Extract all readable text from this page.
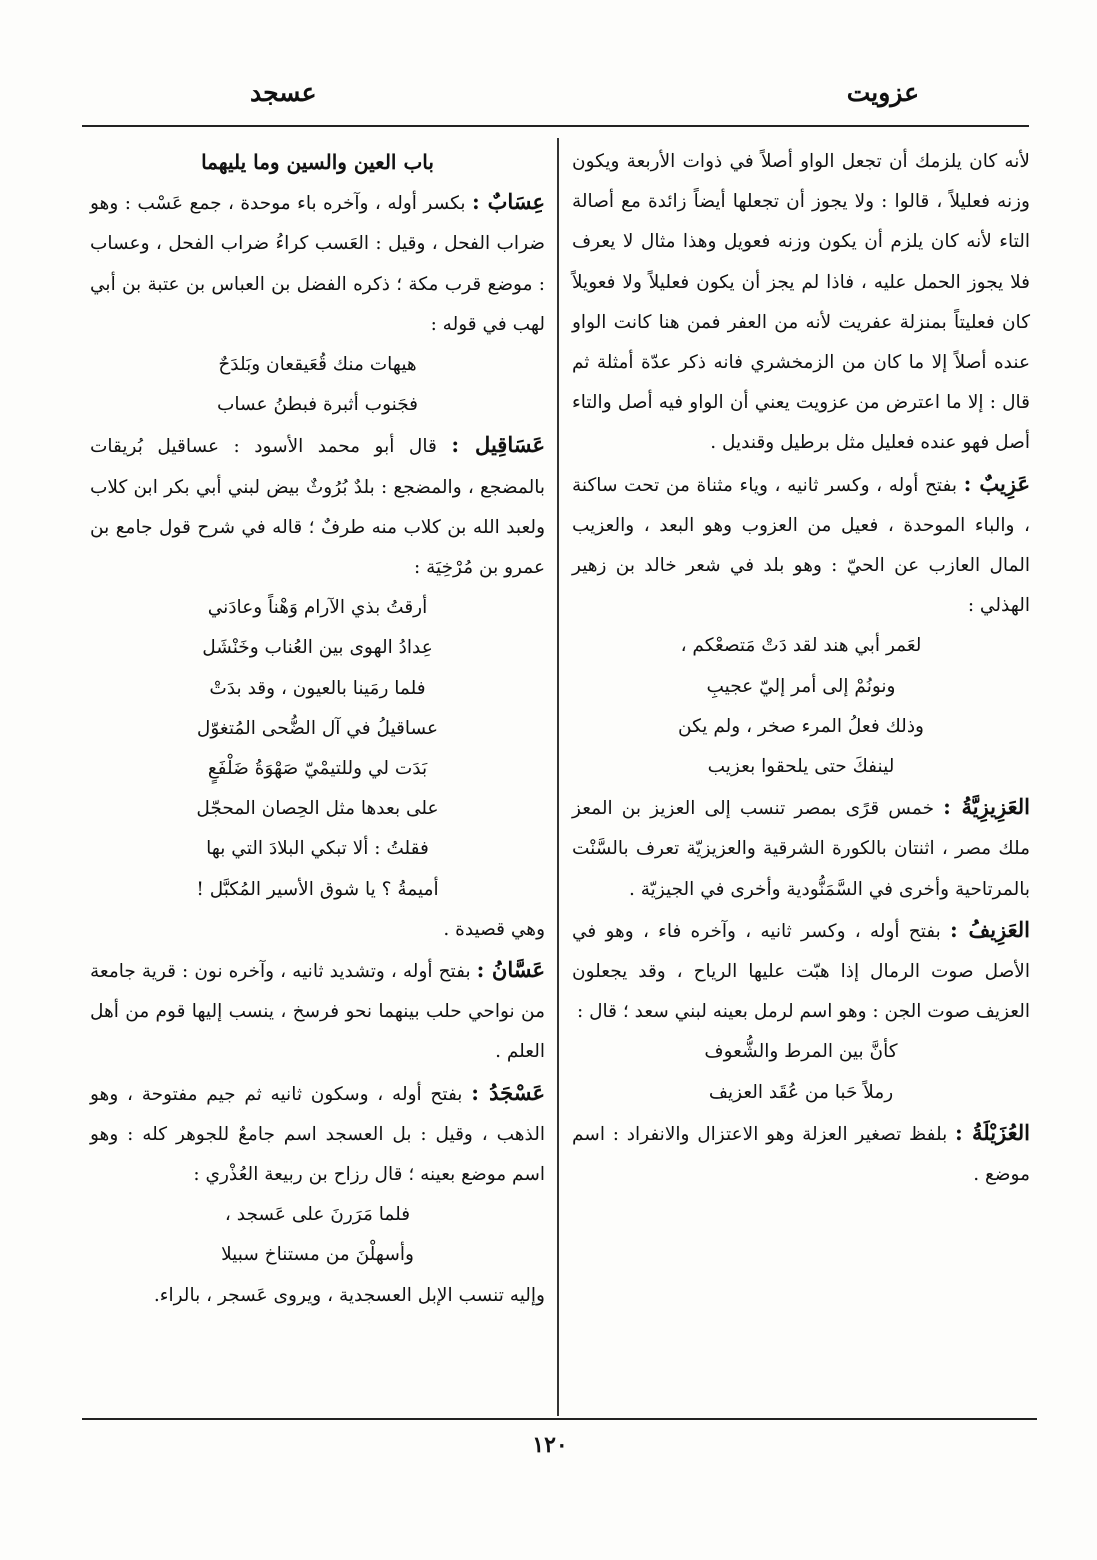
عزويت
عسجد

لأنه كان يلزمك أن تجعل الواو أصلاً في ذوات الأربعة ويكون وزنه فعليلاً ، قالوا : ولا يجوز أن تجعلها أيضاً زائدة مع أصالة التاء لأنه كان يلزم أن يكون وزنه فعويل وهذا مثال لا يعرف فلا يجوز الحمل عليه ، فاذا لم يجز أن يكون فعليلاً ولا فعويلاً كان فعليتاً بمنزلة عفريت لأنه من العفر فمن هنا كانت الواو عنده أصلاً إلا ما كان من الزمخشري فانه ذكر عدّة أمثلة ثم قال : إلا ما اعترض من عزويت يعني أن الواو فيه أصل والتاء أصل فهو عنده فعليل مثل برطيل وقنديل .

عَزِيبٌ : بفتح أوله ، وكسر ثانيه ، وياء مثناة من تحت ساكنة ، والباء الموحدة ، فعيل من العزوب وهو البعد ، والعزيب المال العازب عن الحيّ : وهو بلد في شعر خالد بن زهير الهذلي :

لعَمر أبي هند لقد دَتْ مَتصعْكم ،

ونونُمْ إلى أمر إليّ عجيبِ

وذلك فعلُ المرء صخر ، ولم يكن

لينفكَ حتى يلحقوا بعزيب

العَزِيزِيَّةُ : خمس قرًى بمصر تنسب إلى العزيز بن المعز ملك مصر ، اثنتان بالكورة الشرقية والعزيزيّة تعرف بالسَّنْت بالمرتاحية وأخرى في السَّمَنُّودية وأخرى في الجيزيّة .

العَزِيفُ : بفتح أوله ، وكسر ثانيه ، وآخره فاء ، وهو في الأصل صوت الرمال إذا هبّت عليها الرياح ، وقد يجعلون العزيف صوت الجن : وهو اسم لرمل بعينه لبني سعد ؛ قال :

كأنَّ بين المرط والشُّعوف

رملاً حَبا من عُقَد العزيف

العُزَيْلَةُ : بلفظ تصغير العزلة وهو الاعتزال والانفراد : اسم موضع .

باب العين والسين وما يليهما

عِسَابٌ : بكسر أوله ، وآخره باء موحدة ، جمع عَسْب : وهو ضراب الفحل ، وقيل : العَسب كراءُ ضراب الفحل ، وعساب : موضع قرب مكة ؛ ذكره الفضل بن العباس بن عتبة بن أبي لهب في قوله :

هيهات منك قُعَيقعان وبَلدَحٌ

فجَنوب أثبرة فبطنُ عساب

عَسَاقِيل : قال أبو محمد الأسود : عساقيل بُريقات بالمضجع ، والمضجع : بلدٌ بُرُوثٌ بيض لبني أبي بكر ابن كلاب ولعبد الله بن كلاب منه طرفٌ ؛ قاله في شرح قول جامع بن عمرو بن مُرْخِيَة :

أرقتُ بذي الآرام وَهْناً وعادَني

عِدادُ الهوى بين العُناب وخَنْشَل

فلما رمَينا بالعيون ، وقد بدَتْ

عساقيلُ في آل الضُّحى المُتغوّل

بَدَت لي وللتيمْيّ صَهْوَةُ ضَلْفَعٍ

على بعدها مثل الحِصان المحجّل

فقلتُ : ألا تبكي البلادَ التي بها

أميمةُ ؟ يا شوق الأسير المُكبَّل !

وهي قصيدة .

عَسَّانُ : بفتح أوله ، وتشديد ثانيه ، وآخره نون : قرية جامعة من نواحي حلب بينهما نحو فرسخ ، ينسب إليها قوم من أهل العلم .

عَسْجَدُ : بفتح أوله ، وسكون ثانيه ثم جيم مفتوحة ، وهو الذهب ، وقيل : بل العسجد اسم جامعٌ للجوهر كله : وهو اسم موضع بعينه ؛ قال رزاح بن ربيعة العُذْري :

فلما مَرَرنَ على عَسجد ،

وأسهلْنَ من مستناخ سبيلا

وإليه تنسب الإبل العسجدية ، ويروى عَسجر ، بالراء.

١٢٠
